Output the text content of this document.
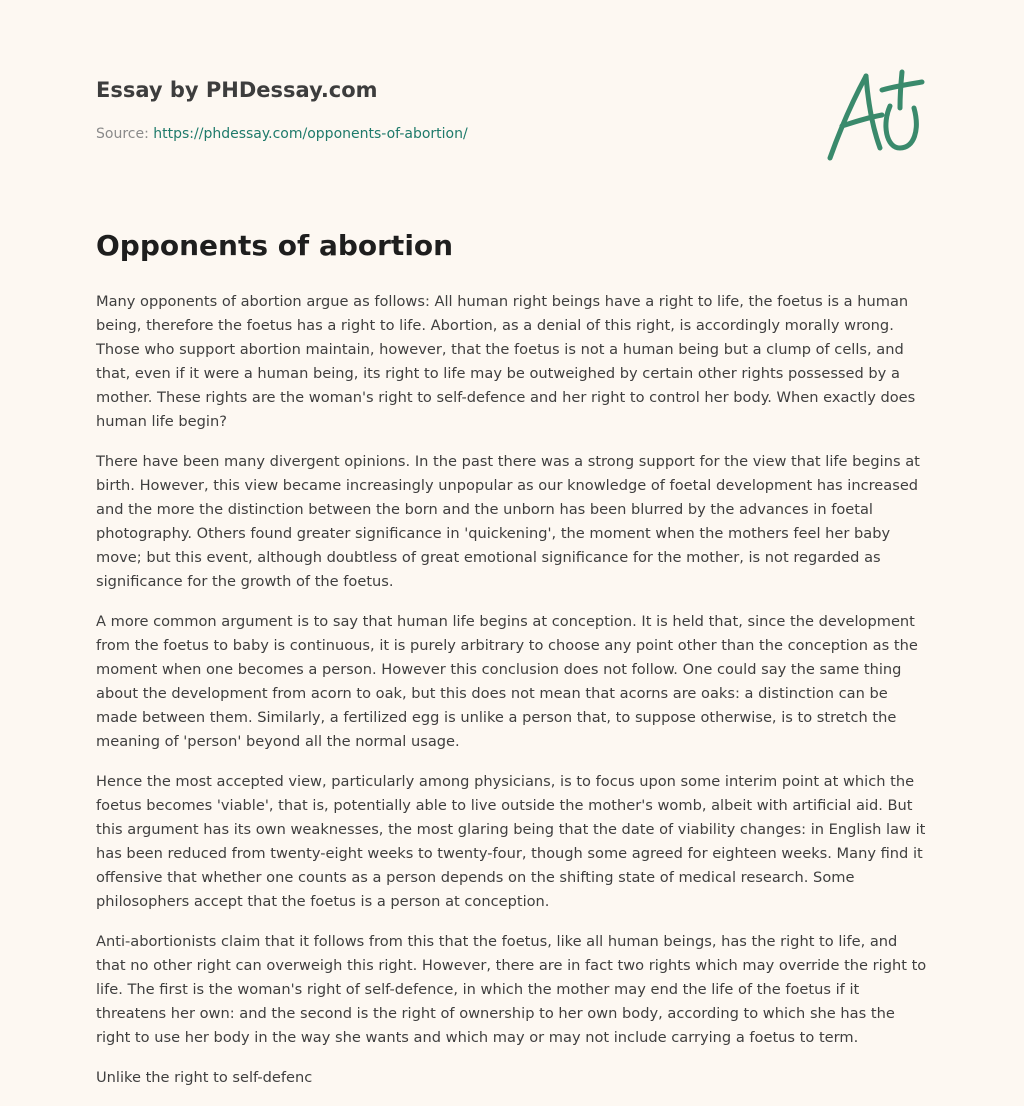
Essay by PHDessay.com
Source: https://phdessay.com/opponents-of-abortion/
Opponents of abortion

Many opponents of abortion argue as follows: All human right beings have a right to life, the foetus is a human being, therefore the foetus has a right to life. Abortion, as a denial of this right, is accordingly morally wrong. Those who support abortion maintain, however, that the foetus is not a human being but a clump of cells, and that, even if it were a human being, its right to life may be outweighed by certain other rights possessed by a mother. These rights are the woman's right to self-defence and her right to control her body. When exactly does human life begin?

There have been many divergent opinions. In the past there was a strong support for the view that life begins at birth. However, this view became increasingly unpopular as our knowledge of foetal development has increased and the more the distinction between the born and the unborn has been blurred by the advances in foetal photography. Others found greater significance in 'quickening', the moment when the mothers feel her baby move; but this event, although doubtless of great emotional significance for the mother, is not regarded as significance for the growth of the foetus.

A more common argument is to say that human life begins at conception. It is held that, since the development from the foetus to baby is continuous, it is purely arbitrary to choose any point other than the conception as the moment when one becomes a person. However this conclusion does not follow. One could say the same thing about the development from acorn to oak, but this does not mean that acorns are oaks: a distinction can be made between them. Similarly, a fertilized egg is unlike a person that, to suppose otherwise, is to stretch the meaning of 'person' beyond all the normal usage.

Hence the most accepted view, particularly among physicians, is to focus upon some interim point at which the foetus becomes 'viable', that is, potentially able to live outside the mother's womb, albeit with artificial aid. But this argument has its own weaknesses, the most glaring being that the date of viability changes: in English law it has been reduced from twenty-eight weeks to twenty-four, though some agreed for eighteen weeks. Many find it offensive that whether one counts as a person depends on the shifting state of medical research. Some philosophers accept that the foetus is a person at conception.

Anti-abortionists claim that it follows from this that the foetus, like all human beings, has the right to life, and that no other right can overweigh this right. However, there are in fact two rights which may override the right to life. The first is the woman's right of self-defence, in which the mother may end the life of the foetus if it threatens her own: and the second is the right of ownership to her own body, according to which she has the right to use her body in the way she wants and which may or may not include carrying a foetus to term.

Unlike the right to self-defenc
